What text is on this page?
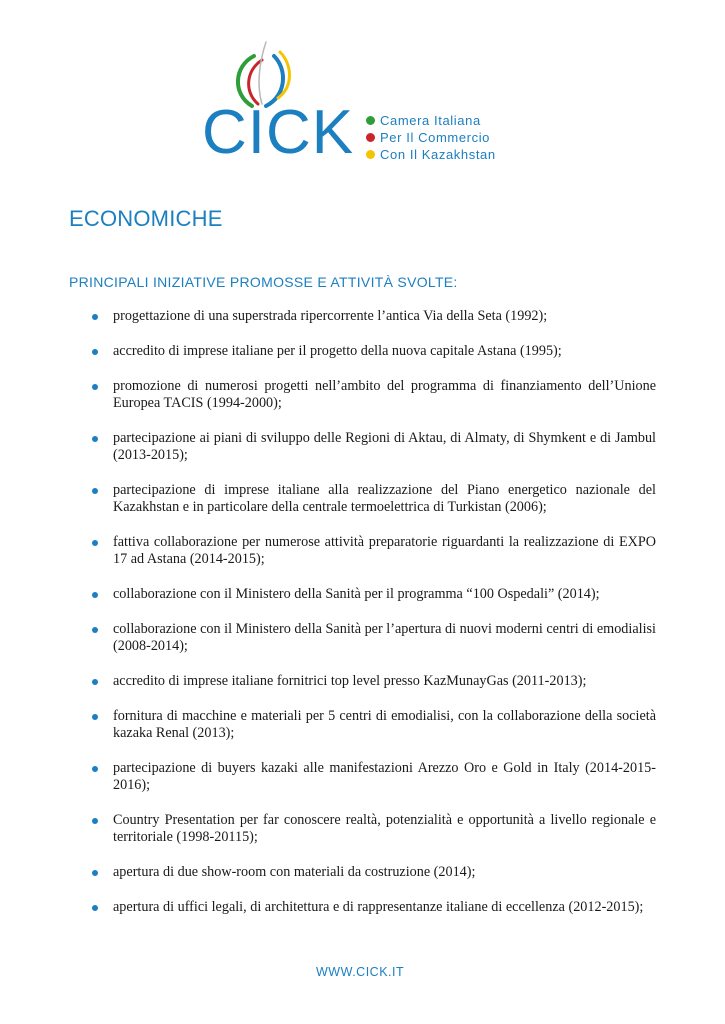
CICK	Camera Italiana
Per Il Commercio
Con Il Kazakhstan
ECONOMICHE
PRINCIPALI INIZIATIVE PROMOSSE E ATTIVITÀ SVOLTE:
progettazione di una superstrada ripercorrente l’antica Via della Seta (1992);
accredito di imprese italiane per il progetto della nuova capitale Astana (1995);
promozione di numerosi progetti nell’ambito del programma di finanziamento dell’Unione Europea TACIS (1994-2000);
partecipazione ai piani di sviluppo delle Regioni di Aktau, di Almaty, di Shymkent e di Jambul (2013-2015);
partecipazione di imprese italiane alla realizzazione del Piano energetico nazionale del Kazakhstan e in particolare della centrale termoelettrica di Turkistan (2006);
fattiva collaborazione per numerose attività preparatorie riguardanti la realizzazione di EXPO 17 ad Astana (2014-2015);
collaborazione con il Ministero della Sanità per il programma “100 Ospedali” (2014);
collaborazione con il Ministero della Sanità per l’apertura di nuovi moderni centri di emodialisi (2008-2014);
accredito di imprese italiane fornitrici top level presso KazMunayGas (2011-2013);
fornitura di macchine e materiali per 5 centri di emodialisi, con la collaborazione della società kazaka Renal (2013);
partecipazione di buyers kazaki alle manifestazioni Arezzo Oro e Gold in Italy (2014-2015-2016);
Country Presentation per far conoscere realtà, potenzialità e opportunità a livello regionale e territoriale (1998-20115);
apertura di due show-room con materiali da costruzione (2014);
apertura di uffici legali, di architettura e di rappresentanze italiane di eccellenza (2012-2015);
WWW.CICK.IT
